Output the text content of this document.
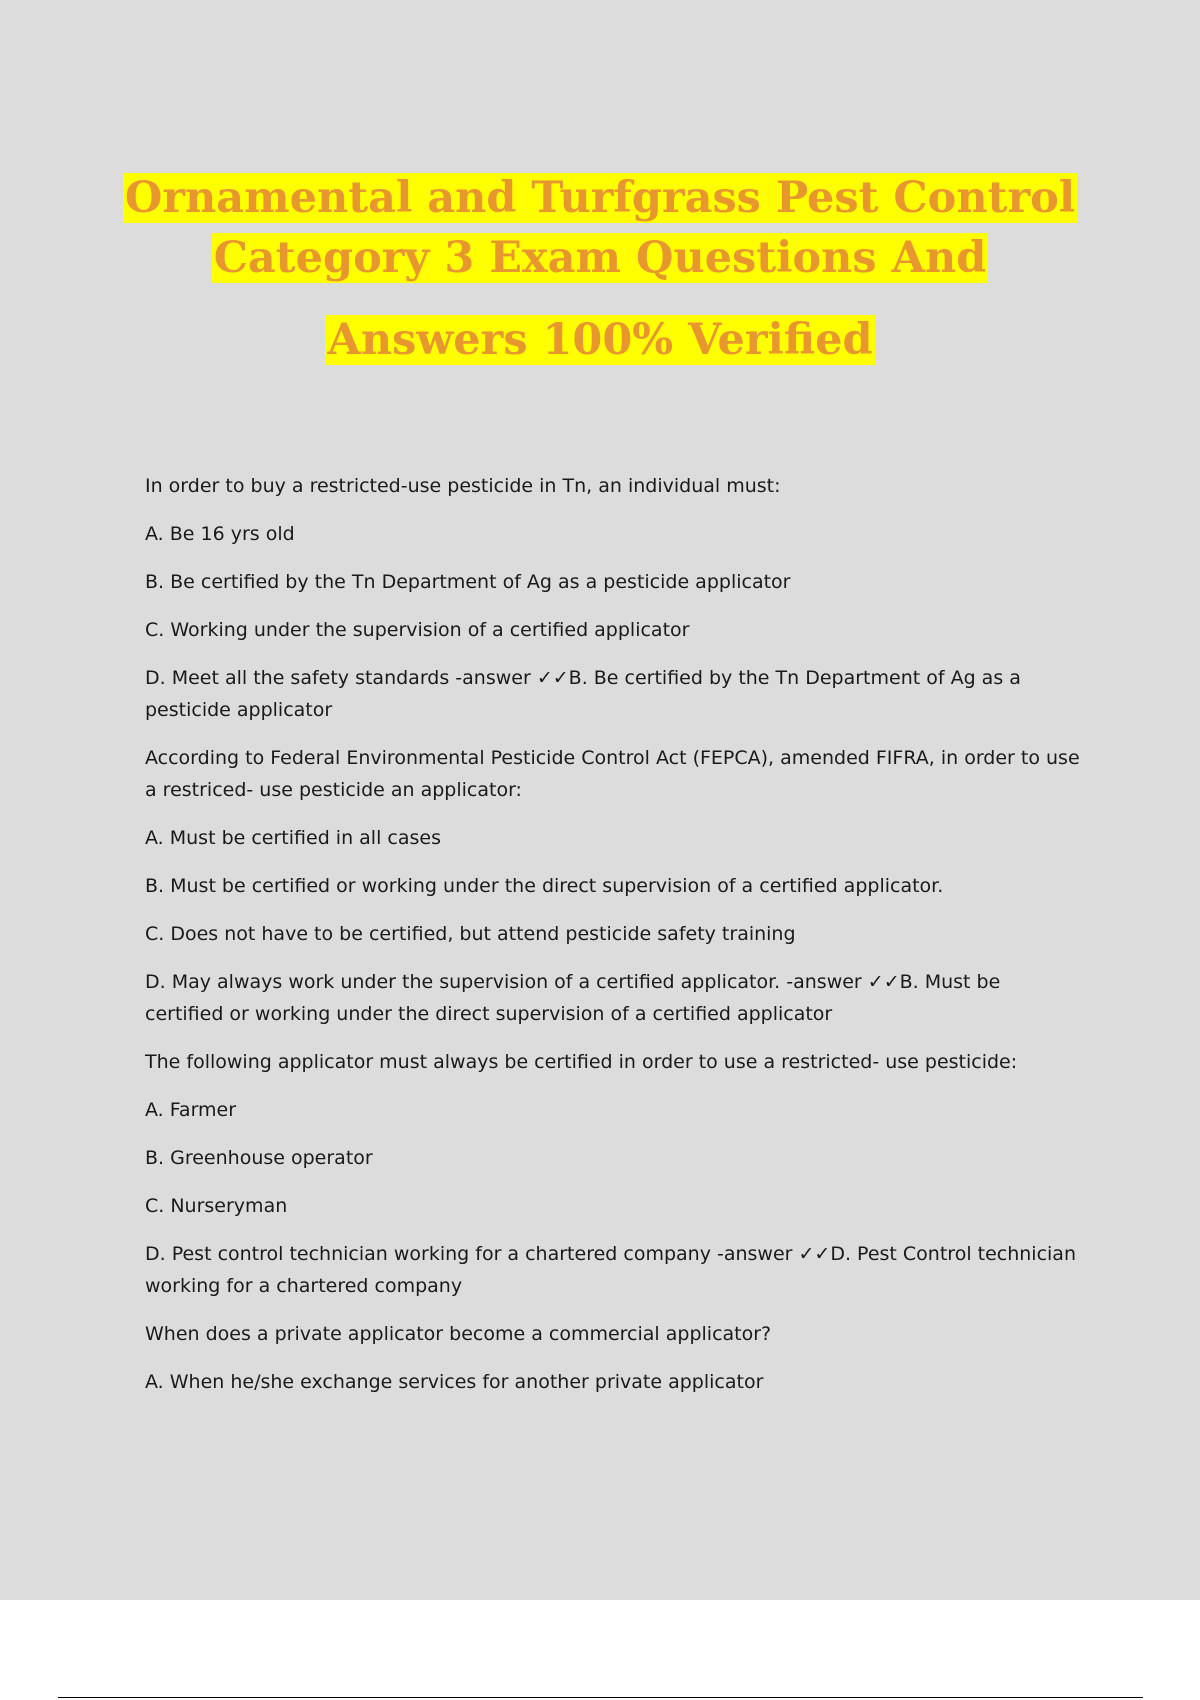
Ornamental and Turfgrass Pest Control
Category 3 Exam Questions And
Answers 100% Verified

In order to buy a restricted-use pesticide in Tn, an individual must:

A. Be 16 yrs old

B. Be certified by the Tn Department of Ag as a pesticide applicator

C. Working under the supervision of a certified applicator

D. Meet all the safety standards -answer ✓✓B. Be certified by the Tn Department of Ag as a pesticide applicator

According to Federal Environmental Pesticide Control Act (FEPCA), amended FIFRA, in order to use a restriced- use pesticide an applicator:

A. Must be certified in all cases

B. Must be certified or working under the direct supervision of a certified applicator.

C. Does not have to be certified, but attend pesticide safety training

D. May always work under the supervision of a certified applicator. -answer ✓✓B. Must be certified or working under the direct supervision of a certified applicator

The following applicator must always be certified in order to use a restricted- use pesticide:

A. Farmer

B. Greenhouse operator

C. Nurseryman

D. Pest control technician working for a chartered company -answer ✓✓D. Pest Control technician working for a chartered company

When does a private applicator become a commercial applicator?

A. When he/she exchange services for another private applicator
